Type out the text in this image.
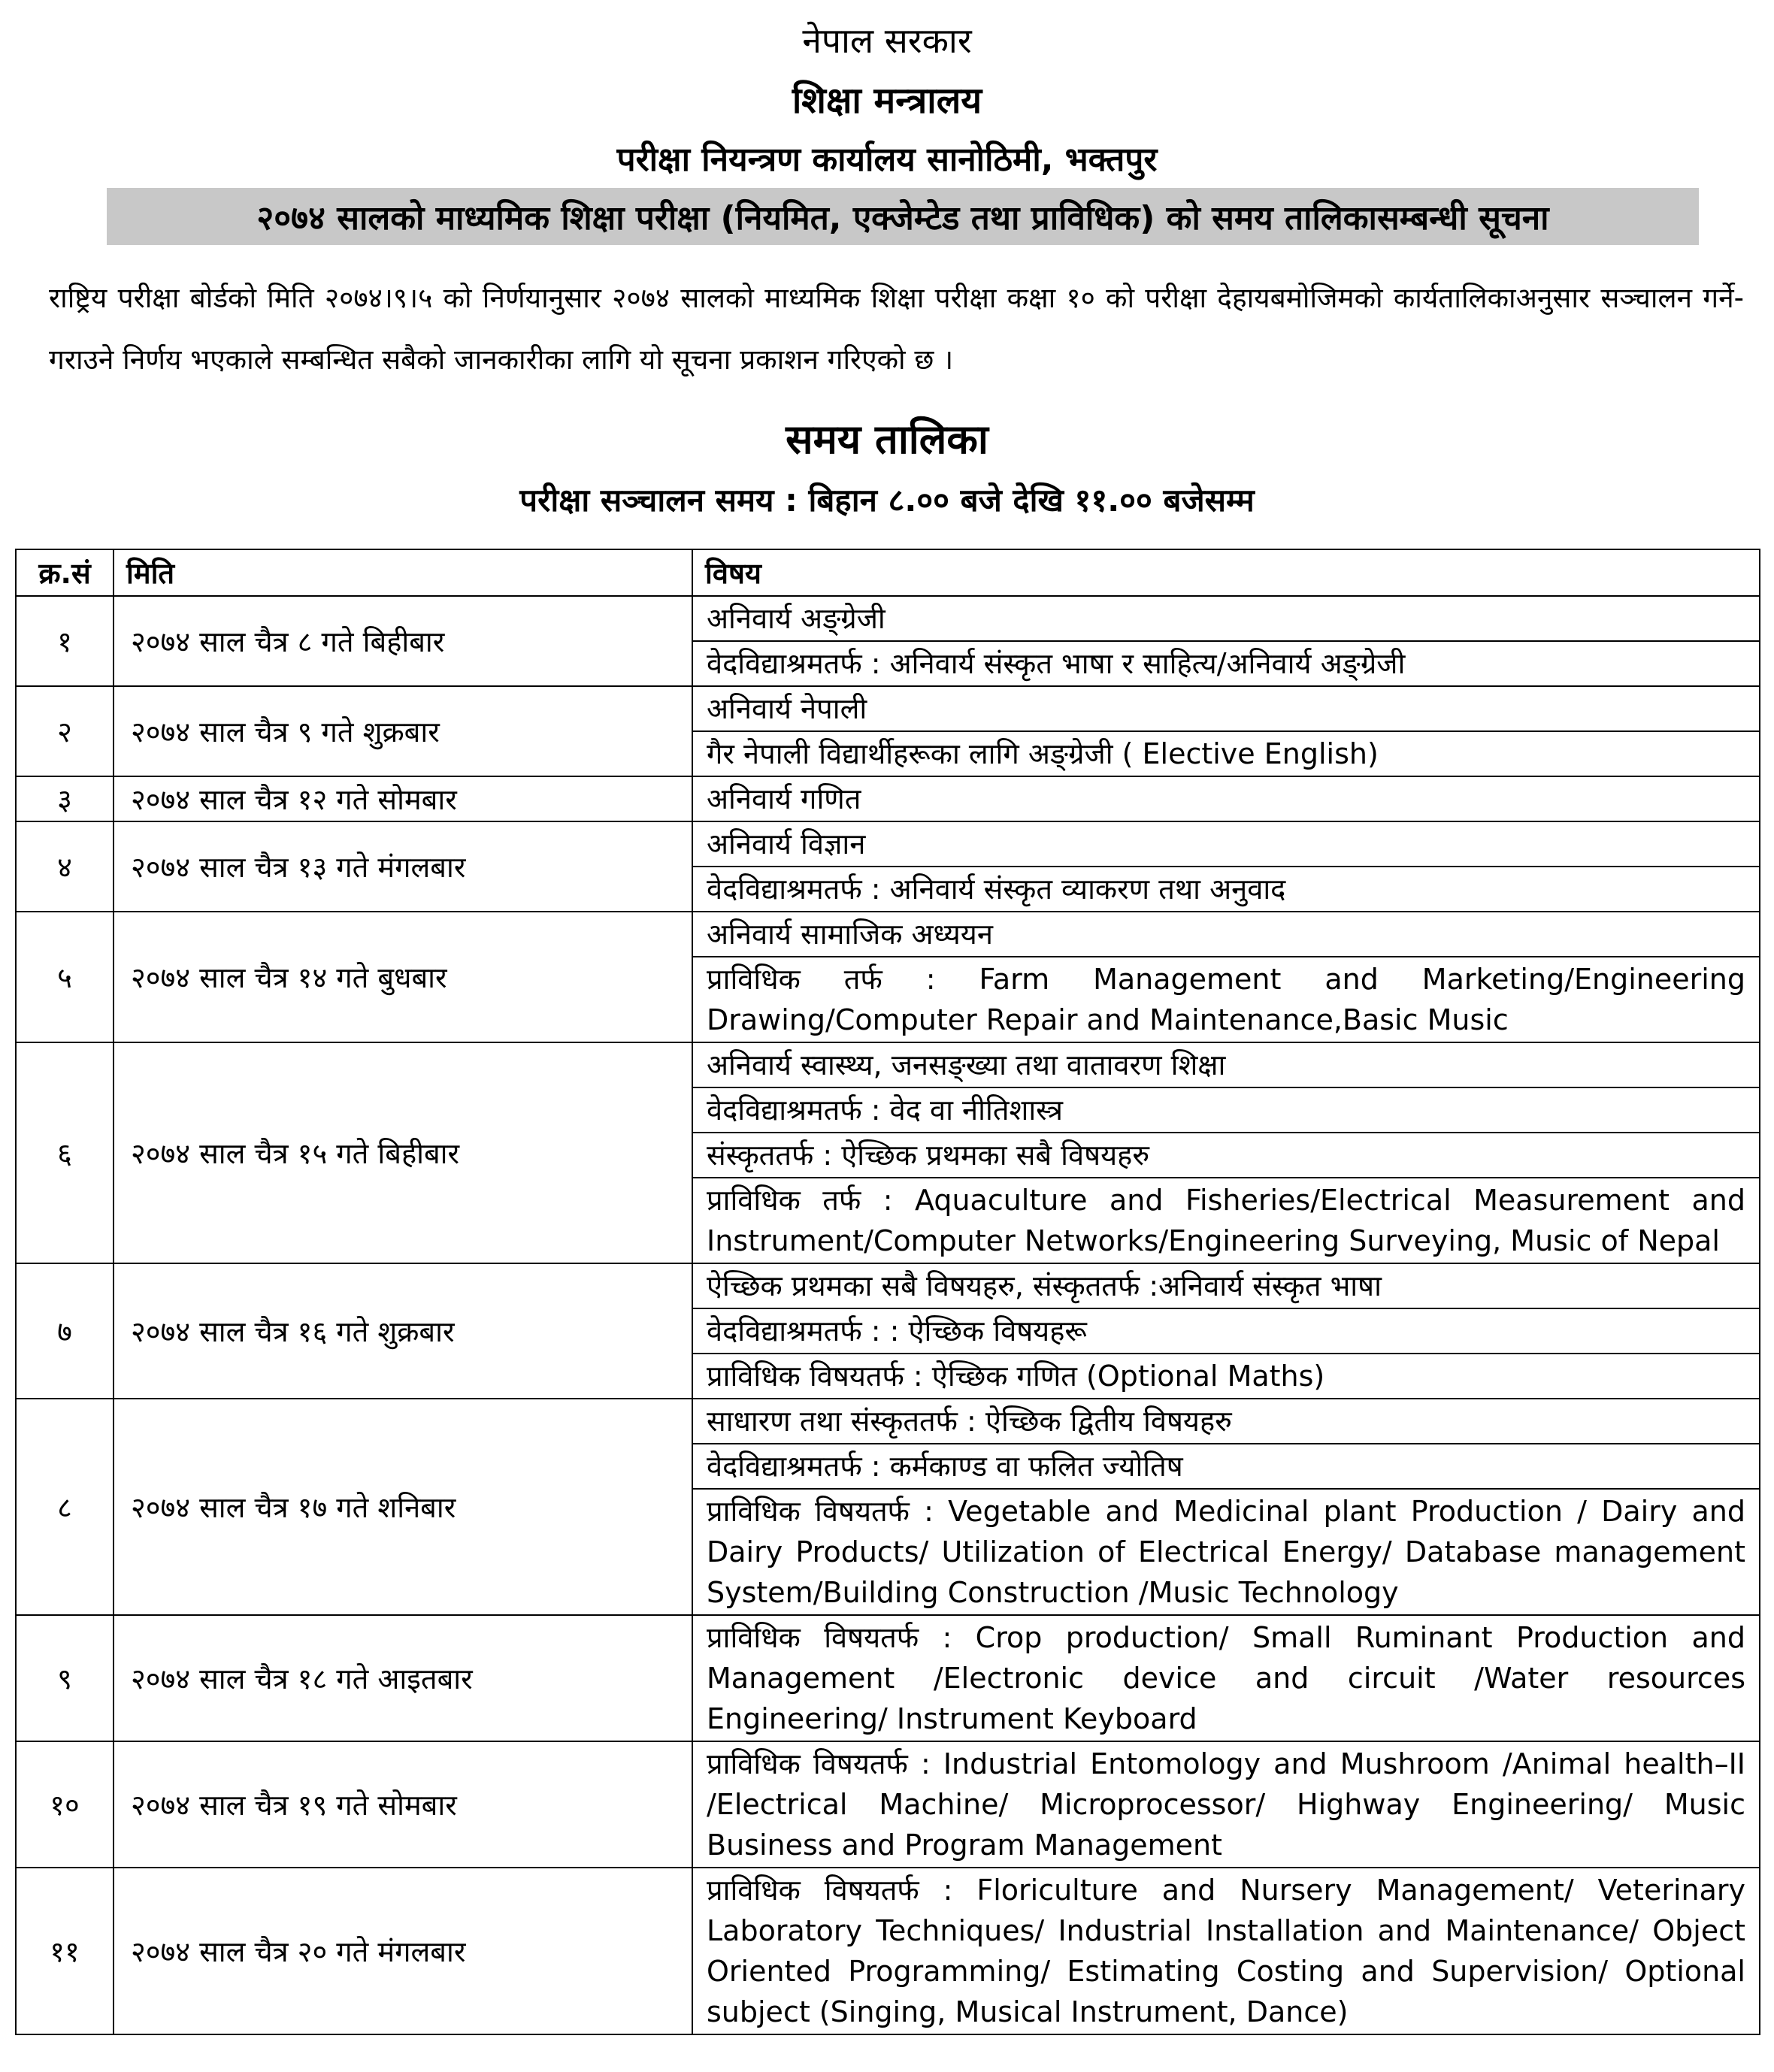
नेपाल सरकार
शिक्षा मन्त्रालय
परीक्षा नियन्त्रण कार्यालय सानोठिमी, भक्तपुर
२०७४ सालको माध्यमिक शिक्षा परीक्षा (नियमित, एक्जेम्टेड तथा प्राविधिक) को समय तालिकासम्बन्धी सूचना
राष्ट्रिय परीक्षा बोर्डको मिति २०७४।९।५ को निर्णयानुसार २०७४ सालको माध्यमिक शिक्षा परीक्षा कक्षा १० को परीक्षा देहायबमोजिमको कार्यतालिकाअनुसार सञ्चालन गर्ने-गराउने निर्णय भएकाले सम्बन्धित सबैको जानकारीका लागि यो सूचना प्रकाशन गरिएको छ ।
समय तालिका
परीक्षा सञ्चालन समय : बिहान ८.०० बजे देखि ११.०० बजेसम्म
क्र.सं	मिति	विषय
१	२०७४ साल चैत्र ८ गते बिहीबार	अनिवार्य अङ्ग्रेजी
		वेदविद्याश्रमतर्फ : अनिवार्य संस्कृत भाषा र साहित्य/अनिवार्य अङ्ग्रेजी
२	२०७४ साल चैत्र ९ गते शुक्रबार	अनिवार्य नेपाली
		गैर नेपाली विद्यार्थीहरूका लागि अङ्ग्रेजी ( Elective English)
३	२०७४ साल चैत्र १२ गते सोमबार	अनिवार्य गणित
४	२०७४ साल चैत्र १३ गते मंगलबार	अनिवार्य विज्ञान
		वेदविद्याश्रमतर्फ : अनिवार्य संस्कृत व्याकरण तथा अनुवाद
५	२०७४ साल चैत्र १४ गते बुधबार	अनिवार्य सामाजिक अध्ययन
		प्राविधिक तर्फ : Farm Management and Marketing/Engineering Drawing/Computer Repair and Maintenance,Basic Music
६	२०७४ साल चैत्र १५ गते बिहीबार	अनिवार्य स्वास्थ्य, जनसङ्ख्या तथा वातावरण शिक्षा
		वेदविद्याश्रमतर्फ : वेद वा नीतिशास्त्र
		संस्कृततर्फ : ऐच्छिक प्रथमका सबै विषयहरु
		प्राविधिक तर्फ : Aquaculture and Fisheries/Electrical Measurement and Instrument/Computer Networks/Engineering Surveying, Music of Nepal
७	२०७४ साल चैत्र १६ गते शुक्रबार	ऐच्छिक प्रथमका सबै विषयहरु, संस्कृततर्फ :अनिवार्य संस्कृत भाषा
		वेदविद्याश्रमतर्फ : : ऐच्छिक विषयहरू
		प्राविधिक विषयतर्फ : ऐच्छिक गणित (Optional Maths)
८	२०७४ साल चैत्र १७ गते शनिबार	साधारण तथा संस्कृततर्फ : ऐच्छिक द्वितीय विषयहरु
		वेदविद्याश्रमतर्फ : कर्मकाण्ड वा फलित ज्योतिष
		प्राविधिक विषयतर्फ : Vegetable and Medicinal plant Production / Dairy and Dairy Products/ Utilization of Electrical Energy/ Database management System/Building Construction /Music Technology
९	२०७४ साल चैत्र १८ गते आइतबार	प्राविधिक विषयतर्फ : Crop production/ Small Ruminant Production and Management /Electronic device and circuit /Water resources Engineering/ Instrument Keyboard
१०	२०७४ साल चैत्र १९ गते सोमबार	प्राविधिक विषयतर्फ : Industrial Entomology and Mushroom /Animal health–II /Electrical Machine/ Microprocessor/ Highway Engineering/ Music Business and Program Management
११	२०७४ साल चैत्र २० गते मंगलबार	प्राविधिक विषयतर्फ : Floriculture and Nursery Management/ Veterinary Laboratory Techniques/ Industrial Installation and Maintenance/ Object Oriented Programming/ Estimating Costing and Supervision/ Optional subject (Singing, Musical Instrument, Dance)
